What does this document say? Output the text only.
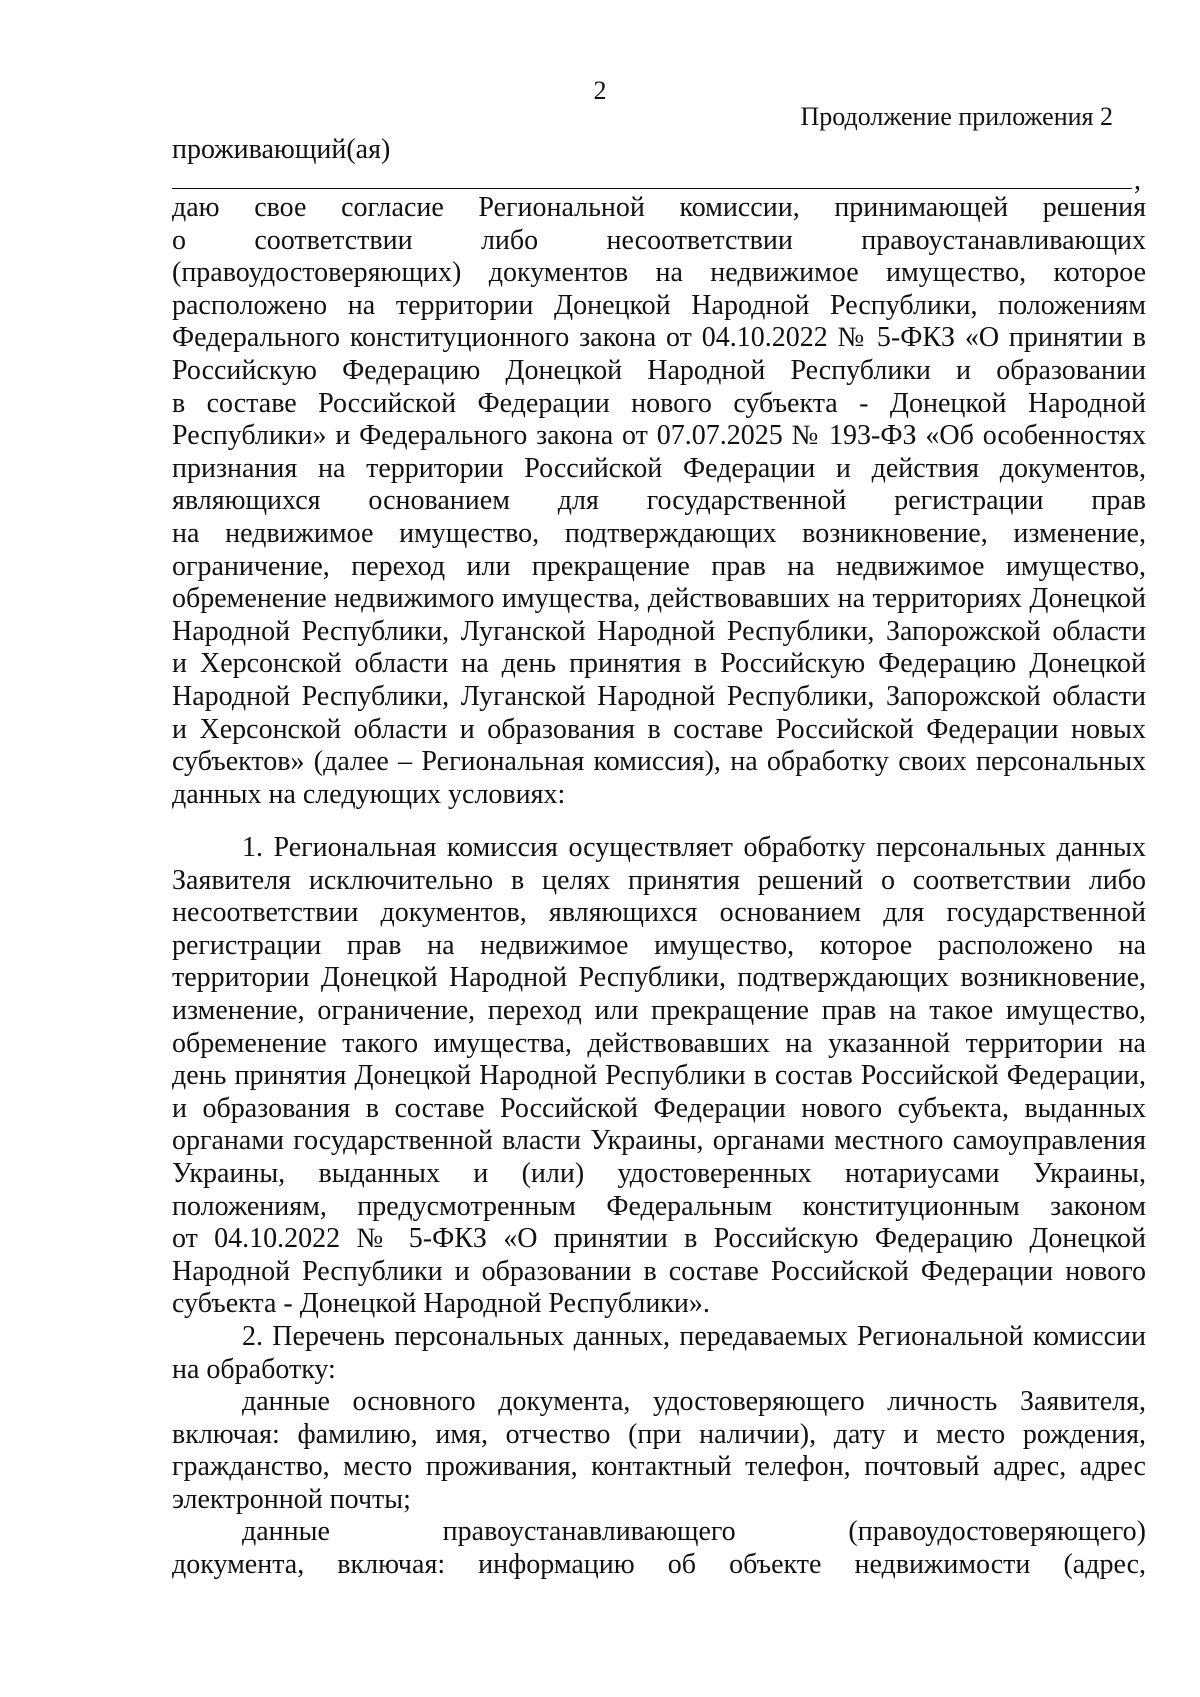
2
Продолжение приложения 2
проживающий(ая)
,
даю свое согласие Региональной комиссии, принимающей решения
о соответствии либо несоответствии правоустанавливающих
(правоудостоверяющих) документов на недвижимое имущество, которое
расположено на территории Донецкой Народной Республики, положениям
Федерального конституционного закона от 04.10.2022 № 5-ФКЗ «О принятии в
Российскую Федерацию Донецкой Народной Республики и образовании
в составе Российской Федерации нового субъекта - Донецкой Народной
Республики» и Федерального закона от 07.07.2025 № 193-ФЗ «Об особенностях
признания на территории Российской Федерации и действия документов,
являющихся основанием для государственной регистрации прав
на недвижимое имущество, подтверждающих возникновение, изменение,
ограничение, переход или прекращение прав на недвижимое имущество,
обременение недвижимого имущества, действовавших на территориях Донецкой
Народной Республики, Луганской Народной Республики, Запорожской области
и Херсонской области на день принятия в Российскую Федерацию Донецкой
Народной Республики, Луганской Народной Республики, Запорожской области
и Херсонской области и образования в составе Российской Федерации новых
субъектов» (далее – Региональная комиссия), на обработку своих персональных
данных на следующих условиях:
1. Региональная комиссия осуществляет обработку персональных данных
Заявителя исключительно в целях принятия решений о соответствии либо
несоответствии документов, являющихся основанием для государственной
регистрации прав на недвижимое имущество, которое расположено на
территории Донецкой Народной Республики, подтверждающих возникновение,
изменение, ограничение, переход или прекращение прав на такое имущество,
обременение такого имущества, действовавших на указанной территории на
день принятия Донецкой Народной Республики в состав Российской Федерации,
и образования в составе Российской Федерации нового субъекта, выданных
органами государственной власти Украины, органами местного самоуправления
Украины, выданных и (или) удостоверенных нотариусами Украины,
положениям, предусмотренным Федеральным конституционным законом
от 04.10.2022 № 5-ФКЗ «О принятии в Российскую Федерацию Донецкой
Народной Республики и образовании в составе Российской Федерации нового
субъекта - Донецкой Народной Республики».
2. Перечень персональных данных, передаваемых Региональной комиссии
на обработку:
данные основного документа, удостоверяющего личность Заявителя,
включая: фамилию, имя, отчество (при наличии), дату и место рождения,
гражданство, место проживания, контактный телефон, почтовый адрес, адрес
электронной почты;
данные правоустанавливающего (правоудостоверяющего)
документа, включая: информацию об объекте недвижимости (адрес,
